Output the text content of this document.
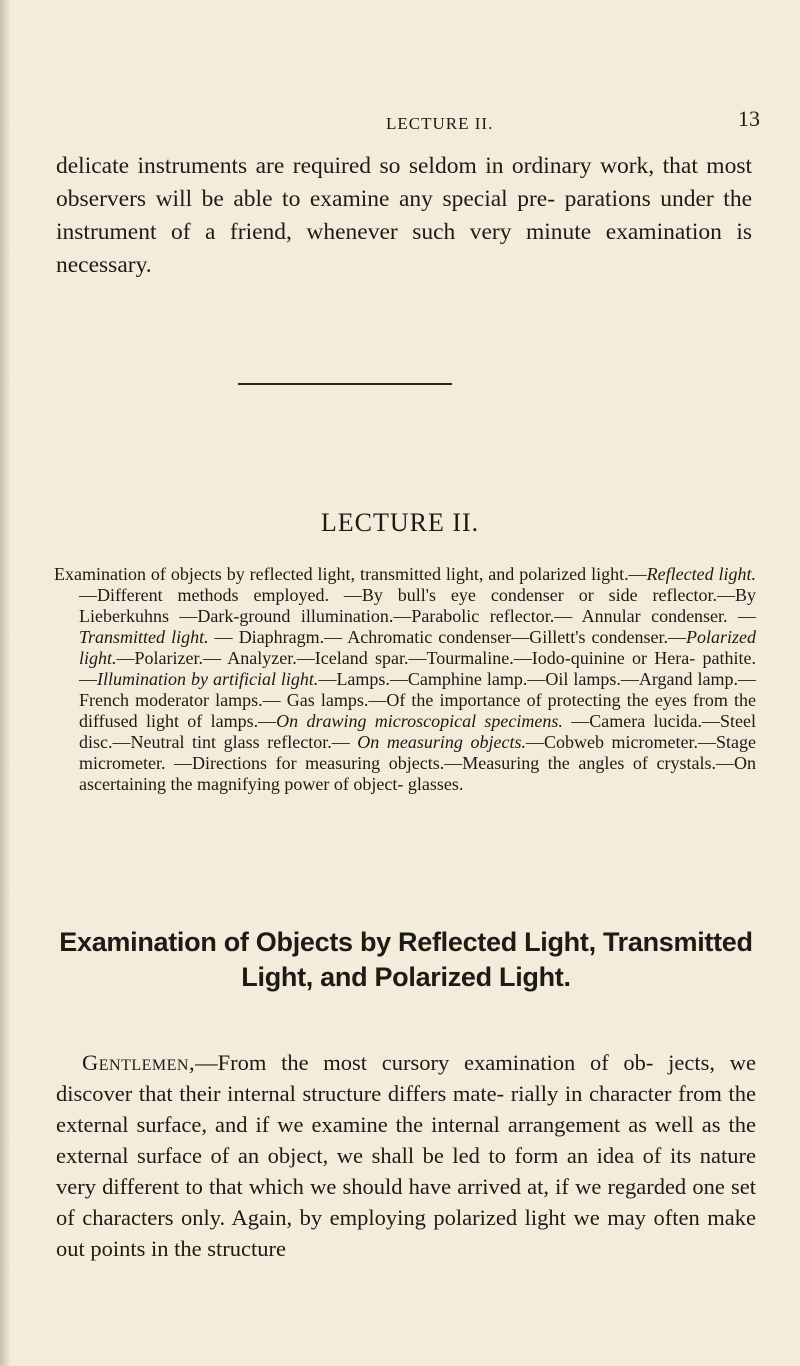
LECTURE II.	13

delicate instruments are required so seldom in ordinary work, that most observers will be able to examine any special pre- parations under the instrument of a friend, whenever such very minute examination is necessary.

LECTURE II.

Examination of objects by reflected light, transmitted light, and polarized light.—Reflected light.—Different methods employed. —By bull's eye condenser or side reflector.—By Lieberkuhns —Dark-ground illumination.—Parabolic reflector.— Annular condenser. — Transmitted light. — Diaphragm.— Achromatic condenser—Gillett's condenser.—Polarized light.—Polarizer.— Analyzer.—Iceland spar.—Tourmaline.—Iodo-quinine or Hera- pathite.—Illumination by artificial light.—Lamps.—Camphine lamp.—Oil lamps.—Argand lamp.—French moderator lamps.— Gas lamps.—Of the importance of protecting the eyes from the diffused light of lamps.—On drawing microscopical specimens. —Camera lucida.—Steel disc.—Neutral tint glass reflector.— On measuring objects.—Cobweb micrometer.—Stage micrometer. —Directions for measuring objects.—Measuring the angles of crystals.—On ascertaining the magnifying power of object- glasses.

Examination of Objects by Reflected Light, Transmitted Light, and Polarized Light.

Gentlemen,—From the most cursory examination of ob- jects, we discover that their internal structure differs mate- rially in character from the external surface, and if we examine the internal arrangement as well as the external surface of an object, we shall be led to form an idea of its nature very different to that which we should have arrived at, if we regarded one set of characters only. Again, by employing polarized light we may often make out points in the structure
